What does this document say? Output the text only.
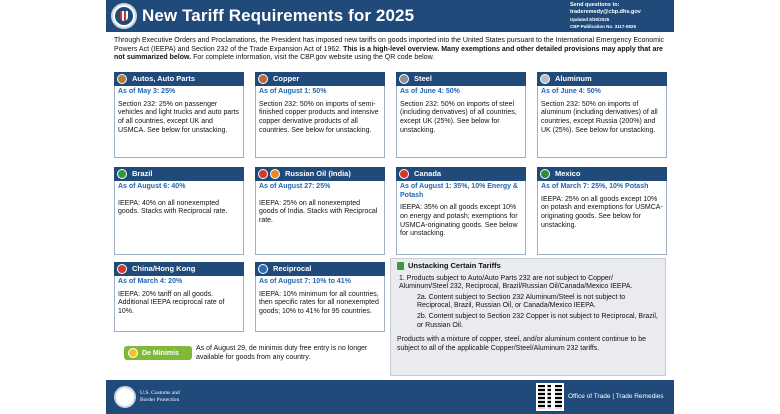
New Tariff Requirements for 2025
Send questions to:
traderemedy@cbp.dhs.gov
Updated 8/30/2025
CBP Publication No. 3117-0825
Through Executive Orders and Proclamations, the President has imposed new tariffs on goods imported into the United States pursuant to the International Emergency Economic Powers Act (IEEPA) and Section 232 of the Trade Expansion Act of 1962. This is a high-level overview. Many exemptions and other detailed provisions may apply that are not summarized below. For complete information, visit the CBP.gov website using the QR code below.
Autos, Auto Parts
As of May 3: 25%
Section 232: 25% on passenger vehicles and light trucks and auto parts of all countries, except UK and USMCA. See below for unstacking.
Copper
As of August 1: 50%
Section 232: 50% on imports of semi-finished copper products and intensive copper derivative products of all countries. See below for unstacking.
Steel
As of June 4: 50%
Section 232: 50% on imports of steel (including derivatives) of all countries, except UK (25%). See below for unstacking.
Aluminum
As of June 4: 50%
Section 232: 50% on imports of aluminum (including derivatives) of all countries, except Russia (200%) and UK (25%). See below for unstacking.
Brazil
As of August 6: 40%
IEEPA: 40% on all nonexempted goods. Stacks with Reciprocal rate.
Russian Oil (India)
As of August 27: 25%
IEEPA: 25% on all nonexempted goods of India. Stacks with Reciprocal rate.
Canada
As of August 1: 35%, 10% Energy & Potash
IEEPA: 35% on all goods except 10% on energy and potash; exemptions for USMCA-originating goods. See below for unstacking.
Mexico
As of March 7: 25%, 10% Potash
IEEPA: 25% on all goods except 10% on potash and exemptions for USMCA-originating goods. See below for unstacking.
China/Hong Kong
As of March 4: 20%
IEEPA: 20% tariff on all goods. Additional IEEPA reciprocal rate of 10%.
Reciprocal
As of August 7: 10% to 41%
IEEPA: 10% minimum for all countries, then specific rates for all nonexempted goods; 10% to 41% for 95 countries.
Unstacking Certain Tariffs
1. Products subject to Auto/Auto Parts 232 are not subject to Copper/ Aluminum/Steel 232, Reciprocal, Brazil/Russian Oil/Canada/Mexico IEEPA.
2a. Content subject to Section 232 Aluminum/Steel is not subject to Reciprocal, Brazil, Russian Oil, or Canada/Mexico IEEPA.
2b. Content subject to Section 232 Copper is not subject to Reciprocal, Brazil, or Russian Oil.
Products with a mixture of copper, steel, and/or aluminum content continue to be subject to all of the applicable Copper/Steel/Aluminum 232 tariffs.
De Minimis
As of August 29, de minimis duty free entry is no longer available for goods from any country.
U.S. Customs and
Border Protection	Office of Trade | Trade Remedies
